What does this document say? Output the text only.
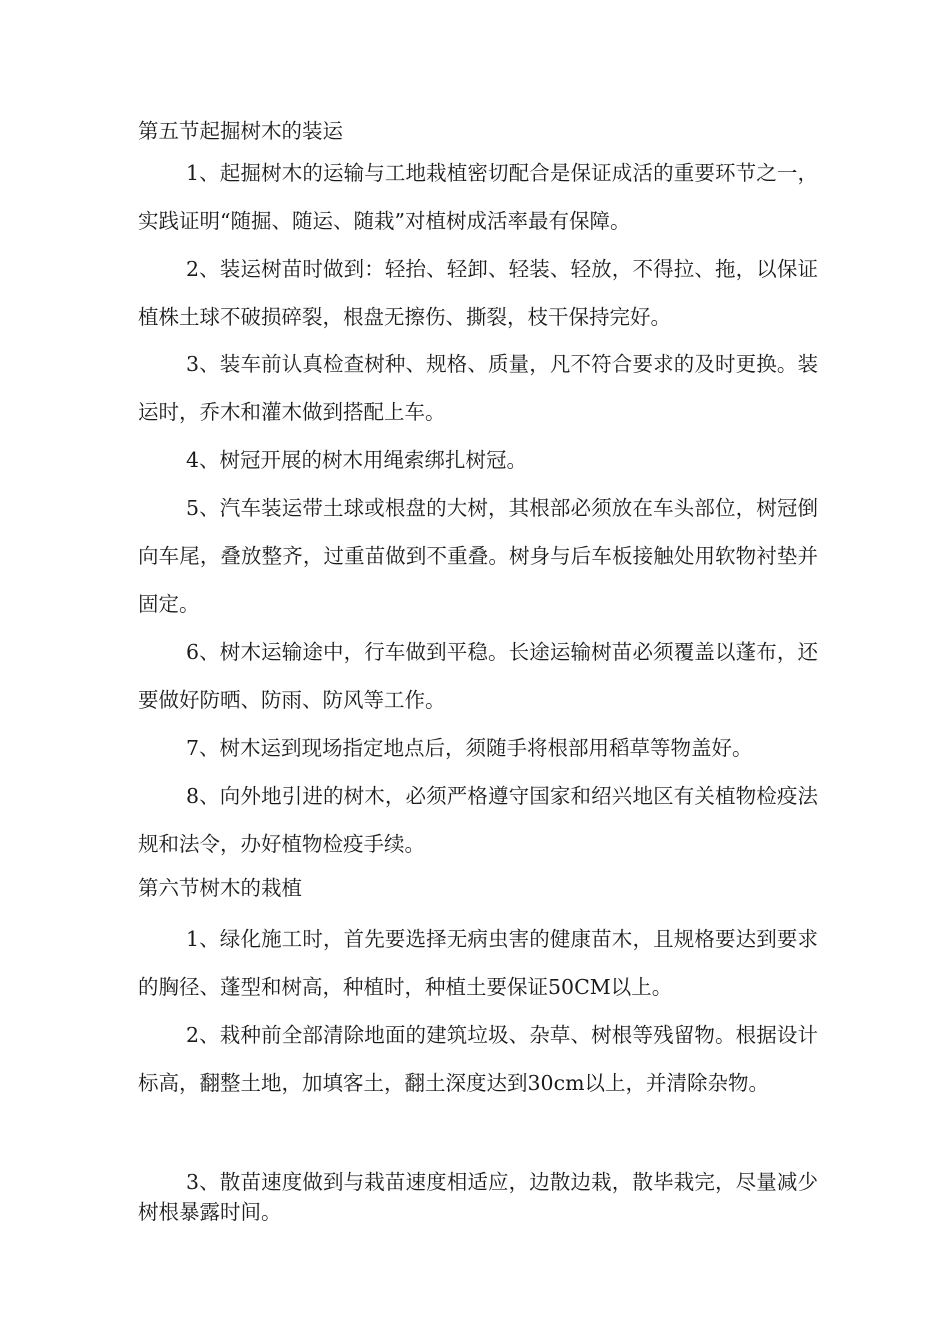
第五节起掘树木的装运
1、起掘树木的运输与工地栽植密切配合是保证成活的重要环节之一，实践证明“随掘、随运、随栽”对植树成活率最有保障。
2、装运树苗时做到：轻抬、轻卸、轻装、轻放，不得拉、拖，以保证植株土球不破损碎裂，根盘无擦伤、撕裂，枝干保持完好。
3、装车前认真检查树种、规格、质量，凡不符合要求的及时更换。装运时，乔木和灌木做到搭配上车。
4、树冠开展的树木用绳索绑扎树冠。
5、汽车装运带土球或根盘的大树，其根部必须放在车头部位，树冠倒向车尾，叠放整齐，过重苗做到不重叠。树身与后车板接触处用软物衬垫并固定。
6、树木运输途中，行车做到平稳。长途运输树苗必须覆盖以蓬布，还要做好防晒、防雨、防风等工作。
7、树木运到现场指定地点后，须随手将根部用稻草等物盖好。
8、向外地引进的树木，必须严格遵守国家和绍兴地区有关植物检疫法规和法令，办好植物检疫手续。
第六节树木的栽植
1、绿化施工时，首先要选择无病虫害的健康苗木，且规格要达到要求的胸径、蓬型和树高，种植时，种植土要保证50CM以上。
2、栽种前全部清除地面的建筑垃圾、杂草、树根等残留物。根据设计标高，翻整土地，加填客土，翻土深度达到30cm以上，并清除杂物。
3、散苗速度做到与栽苗速度相适应，边散边栽，散毕栽完，尽量减少树根暴露时间。
